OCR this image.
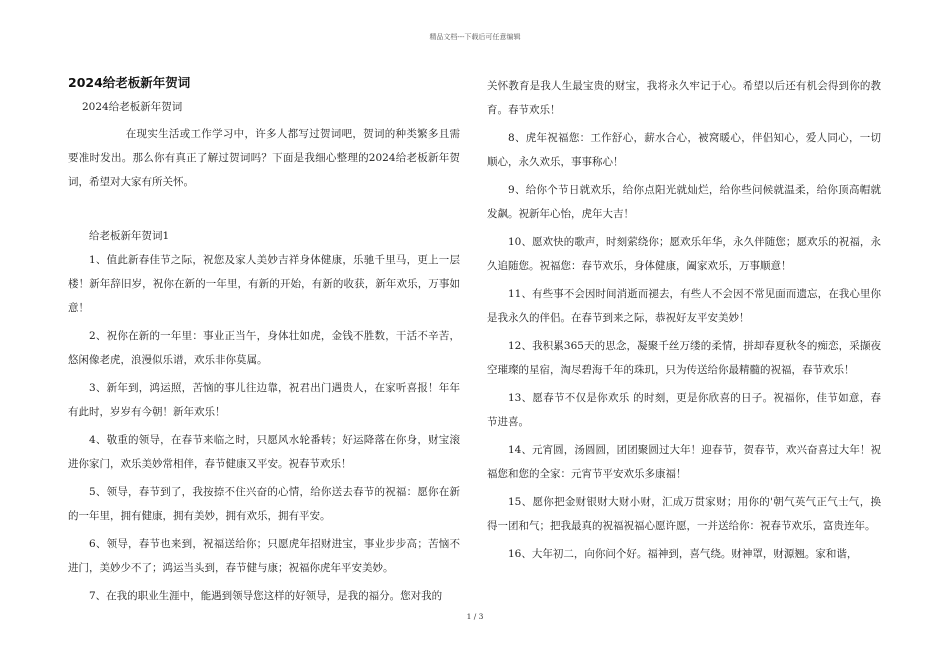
精品文档---下载后可任意编辑
2024给老板新年贺词
2024给老板新年贺词

在现实生活或工作学习中，许多人都写过贺词吧，贺词的种类繁多且需要准时发出。那么你有真正了解过贺词吗？下面是我细心整理的2024给老板新年贺词，希望对大家有所关怀。

给老板新年贺词1

1、值此新春佳节之际，祝您及家人美妙吉祥身体健康，乐驰千里马，更上一层楼！新年辞旧岁，祝你在新的一年里，有新的开始，有新的收获，新年欢乐，万事如意！

2、祝你在新的一年里：事业正当午，身体壮如虎，金钱不胜数，干活不辛苦，悠闲像老虎，浪漫似乐谱，欢乐非你莫属。

3、新年到，鸿运照，苦恼的事儿往边靠，祝君出门遇贵人，在家听喜报！年年有此时，岁岁有今朝！新年欢乐！

4、敬重的领导，在春节来临之时，只愿风水轮番转；好运降落在你身，财宝滚进你家门，欢乐美妙常相伴，春节健康又平安。祝春节欢乐！

5、领导，春节到了，我按捺不住兴奋的心情，给你送去春节的祝福：愿你在新的一年里，拥有健康，拥有美妙，拥有欢乐，拥有平安。

6、领导，春节也来到，祝福送给你；只愿虎年招财进宝，事业步步高；苦恼不进门，美妙少不了；鸿运当头到，春节健与康；祝福你虎年平安美妙。

7、在我的职业生涯中，能遇到领导您这样的好领导，是我的福分。您对我的

关怀教育是我人生最宝贵的财宝，我将永久牢记于心。希望以后还有机会得到你的教育。春节欢乐！

8、虎年祝福您：工作舒心，薪水合心，被窝暖心，伴侣知心，爱人同心，一切顺心，永久欢乐，事事称心！

9、给你个节日就欢乐，给你点阳光就灿烂，给你些问候就温柔，给你顶高帽就发飙。祝新年心怡，虎年大吉！

10、愿欢快的歌声，时刻萦绕你；愿欢乐年华，永久伴随您；愿欢乐的祝福，永久追随您。祝福您：春节欢乐，身体健康，阖家欢乐，万事顺意！

11、有些事不会因时间消逝而褪去，有些人不会因不常见面而遗忘，在我心里你是我永久的伴侣。在春节到来之际，恭祝好友平安美妙！

12、我积累365天的思念，凝聚千丝万缕的柔情，拼却春夏秋冬的痴恋，采撷夜空璀璨的星宿，淘尽碧海千年的珠玑，只为传送给你最精髓的祝福，春节欢乐！

13、愿春节不仅是你欢乐 的时刻，更是你欣喜的日子。祝福你，佳节如意，春节进喜。

14、元宵圆，汤圆圆，团团聚圆过大年！迎春节，贺春节，欢兴奋喜过大年！祝福您和您的全家：元宵节平安欢乐多康福！

15、愿你把金财银财大财小财，汇成万贯家财；用你的'朝气英气正气士气，换得一团和气；把我最真的祝福祝福心愿许愿，一并送给你：祝春节欢乐，富贵连年。

16、大年初二，向你问个好。福神到，喜气绕。财神罩，财源翘。家和谐，

1 / 3
